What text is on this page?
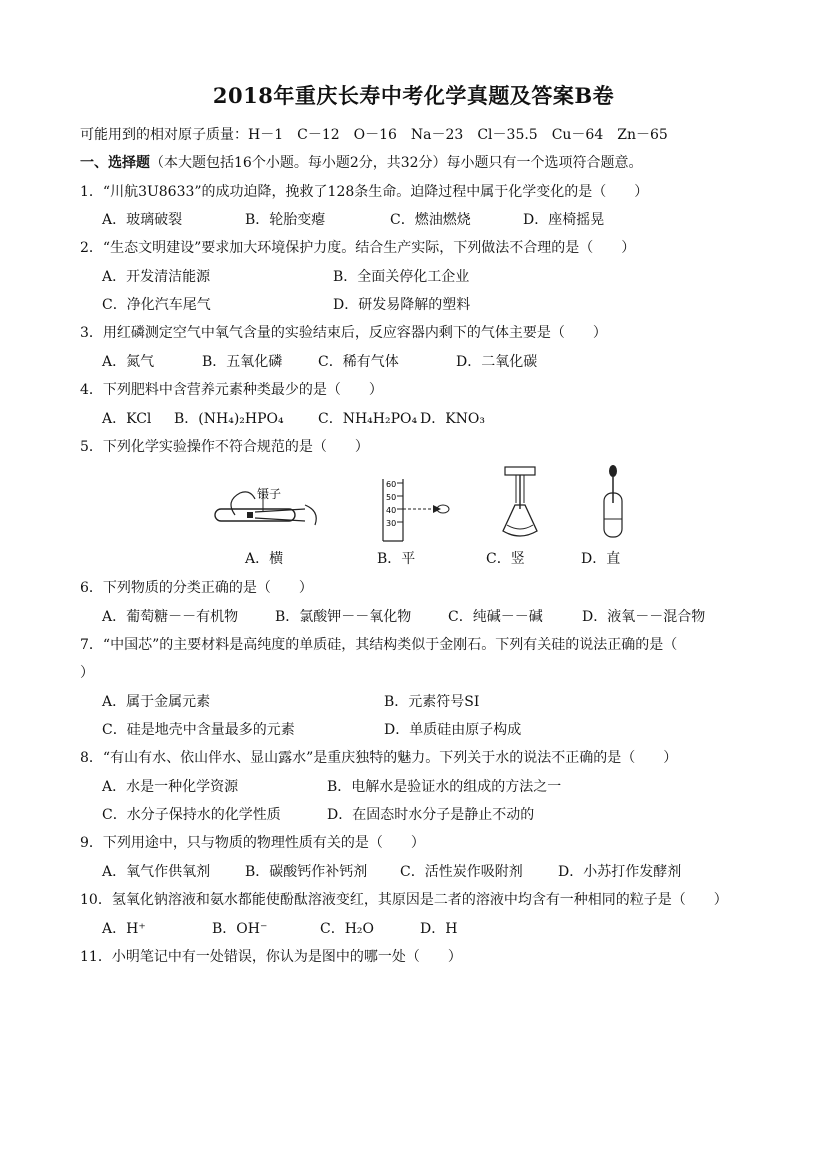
2018年重庆长寿中考化学真题及答案B卷
可能用到的相对原子质量：H－1　C－12　O－16　Na－23　Cl－35.5　Cu－64　Zn－65
一、选择题（本大题包括16个小题。每小题2分，共32分）每小题只有一个选项符合题意。
1．“川航3U8633”的成功迫降，挽救了128条生命。迫降过程中属于化学变化的是（　　）
A．玻璃破裂	B．轮胎变瘪	C．燃油燃烧	D．座椅摇晃
2．“生态文明建设”要求加大环境保护力度。结合生产实际，下列做法不合理的是（　　）
A．开发清洁能源	B．全面关停化工企业
C．净化汽车尾气	D．研发易降解的塑料
3．用红磷测定空气中氧气含量的实验结束后，反应容器内剩下的气体主要是（　　）
A．氮气	B．五氧化磷	C．稀有气体	D．二氧化碳
4．下列肥料中含营养元素种类最少的是（　　）
A．KCl B．(NH₄)₂HPO₄ C．NH₄H₂PO₄ D．KNO₃
5．下列化学实验操作不符合规范的是（　　）
镊子
60
50
40
30
A．横	B．平	C．竖	D．直
6．下列物质的分类正确的是（　　）
A．葡萄糖－－有机物	B．氯酸钾－－氧化物	C．纯碱－－碱	D．液氧－－混合物
7．“中国芯”的主要材料是高纯度的单质硅，其结构类似于金刚石。下列有关硅的说法正确的是（
）
A．属于金属元素	B．元素符号SI
C．硅是地壳中含量最多的元素	D．单质硅由原子构成
8．“有山有水、依山伴水、显山露水”是重庆独特的魅力。下列关于水的说法不正确的是（　　）
A．水是一种化学资源	B．电解水是验证水的组成的方法之一
C．水分子保持水的化学性质	D．在固态时水分子是静止不动的
9．下列用途中，只与物质的物理性质有关的是（　　）
A．氧气作供氧剂 B．碳酸钙作补钙剂 C．活性炭作吸附剂	D．小苏打作发酵剂
10．氢氧化钠溶液和氨水都能使酚酞溶液变红，其原因是二者的溶液中均含有一种相同的粒子是（　　）
A．H⁺	B．OH⁻	C．H₂O	D．H
11．小明笔记中有一处错误，你认为是图中的哪一处（　　）
